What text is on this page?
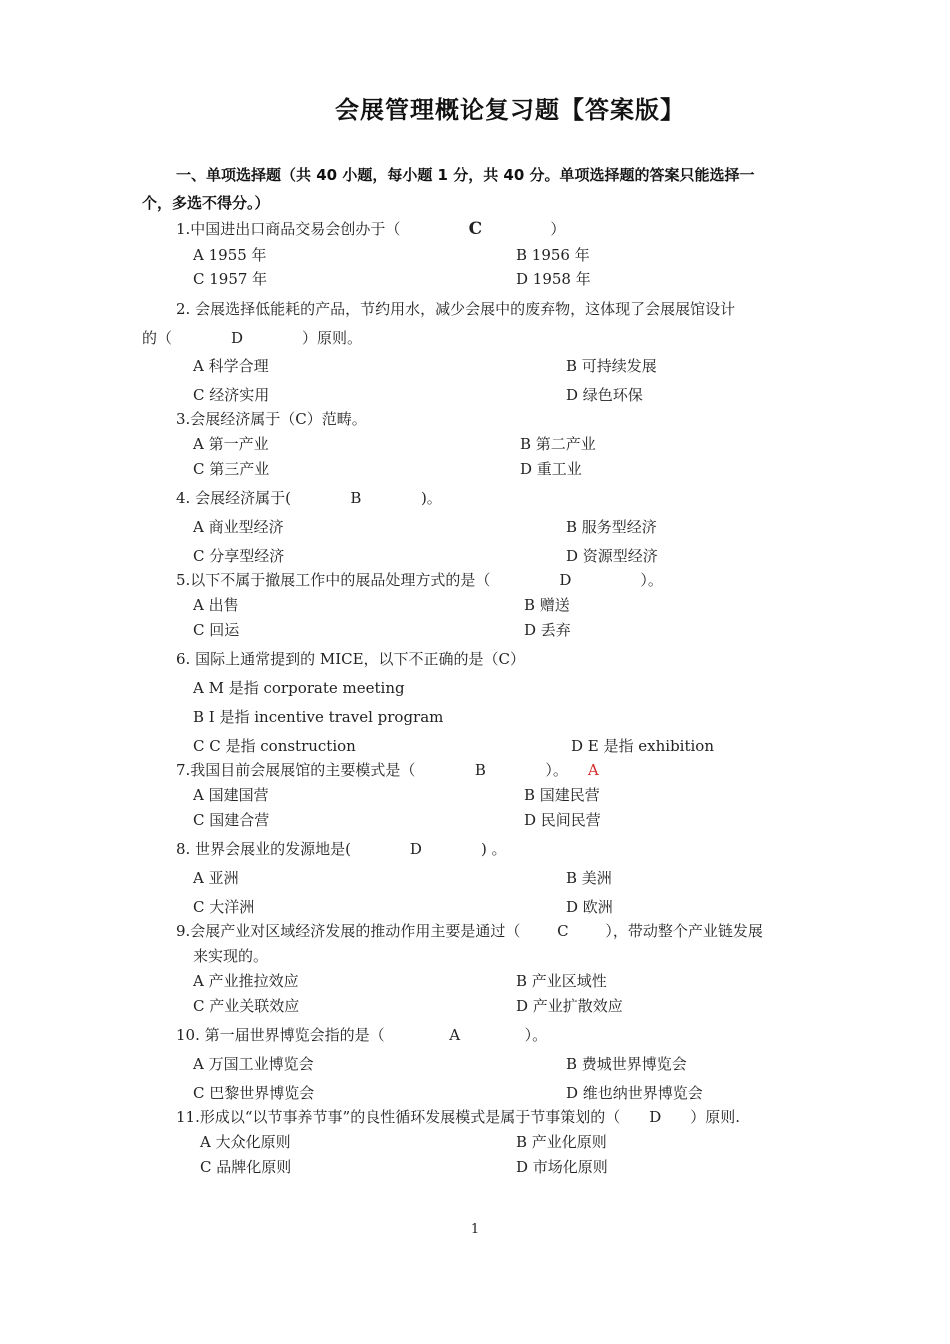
会展管理概论复习题【答案版】
一、单项选择题（共 40 小题，每小题 1 分，共 40 分。单项选择题的答案只能选择一
个，多选不得分。）
1.中国进出口商品交易会创办于（	C	）
A 1955 年	B 1956 年
C 1957 年	D 1958 年
2. 会展选择低能耗的产品，节约用水，减少会展中的废弃物，这体现了会展展馆设计
的（	D	）原则。
A 科学合理	B 可持续发展
C 经济实用	D 绿色环保
3.会展经济属于（C）范畴。
A 第一产业	B 第二产业
C 第三产业	D 重工业
4. 会展经济属于(	B	)。
A 商业型经济	B 服务型经济
C 分享型经济	D 资源型经济
5.以下不属于撤展工作中的展品处理方式的是（	D	）。
A 出售	B 赠送
C 回运	D 丢弃
6. 国际上通常提到的 MICE，以下不正确的是（C）
A M 是指 corporate meeting
B I 是指 incentive travel program
C C 是指 construction	D E 是指 exhibition
7.我国目前会展展馆的主要模式是（	B	）。 A
A 国建国营	B 国建民营
C 国建合营	D 民间民营
8. 世界会展业的发源地是(	D	) 。
A 亚洲	B 美洲
C 大洋洲	D 欧洲
9.会展产业对区域经济发展的推动作用主要是通过（ C ），带动整个产业链发展
来实现的。
A 产业推拉效应	B 产业区域性
C 产业关联效应	D 产业扩散效应
10. 第一届世界博览会指的是（	A	）。
A 万国工业博览会	B 费城世界博览会
C 巴黎世界博览会	D 维也纳世界博览会
11.形成以“以节事养节事”的良性循环发展模式是属于节事策划的（ D ）原则.
A 大众化原则	B 产业化原则
C 品牌化原则	D 市场化原则
1
